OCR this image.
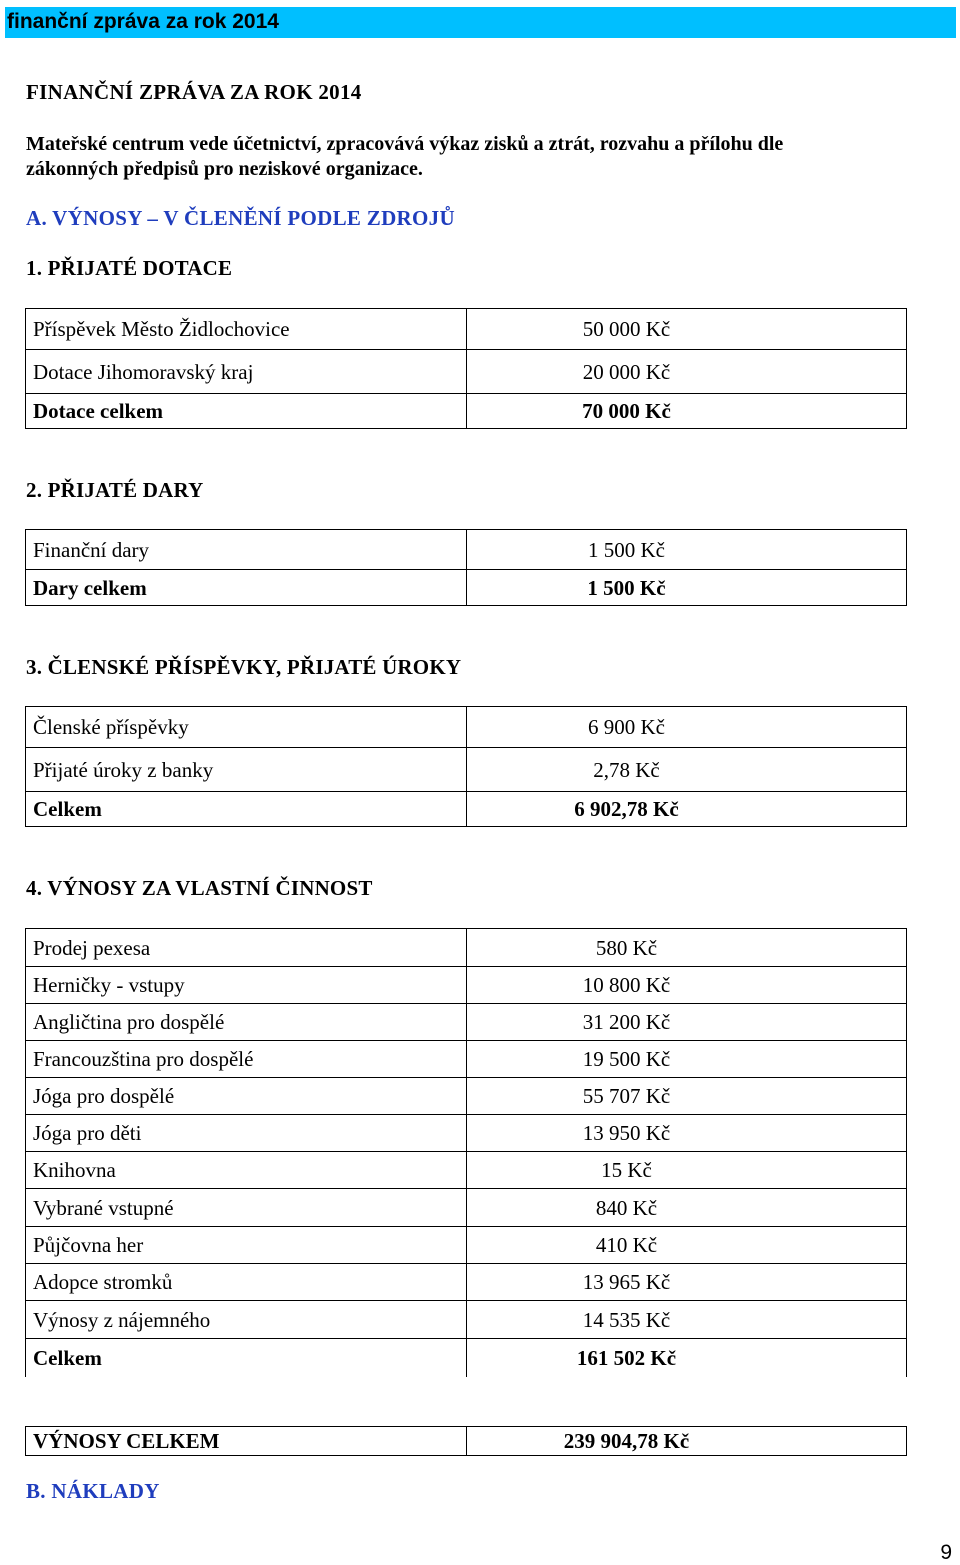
finanční zpráva za rok 2014
FINANČNÍ ZPRÁVA ZA ROK 2014
Mateřské centrum vede účetnictví, zpracovává výkaz zisků a ztrát, rozvahu a přílohu dle zákonných předpisů pro neziskové organizace.
A. VÝNOSY – V ČLENĚNÍ PODLE ZDROJŮ
1. PŘIJATÉ DOTACE
Příspěvek Město Židlochovice	50 000 Kč
Dotace Jihomoravský kraj	20 000 Kč
Dotace celkem	70 000 Kč
2. PŘIJATÉ DARY
Finanční dary	1 500 Kč
Dary celkem	1 500 Kč
3. ČLENSKÉ PŘÍSPĚVKY, PŘIJATÉ ÚROKY
Členské příspěvky	6 900 Kč
Přijaté úroky z banky	2,78 Kč
Celkem	6 902,78 Kč
4. VÝNOSY ZA VLASTNÍ ČINNOST
Prodej pexesa	580 Kč
Herničky - vstupy	10 800 Kč
Angličtina pro dospělé	31 200 Kč
Francouzština pro dospělé	19 500 Kč
Jóga pro dospělé	55 707 Kč
Jóga pro děti	13 950 Kč
Knihovna	15 Kč
Vybrané vstupné	840 Kč
Půjčovna her	410 Kč
Adopce stromků	13 965 Kč
Výnosy z nájemného	14 535 Kč
Celkem	161 502 Kč
VÝNOSY CELKEM	239 904,78 Kč
B. NÁKLADY
9
